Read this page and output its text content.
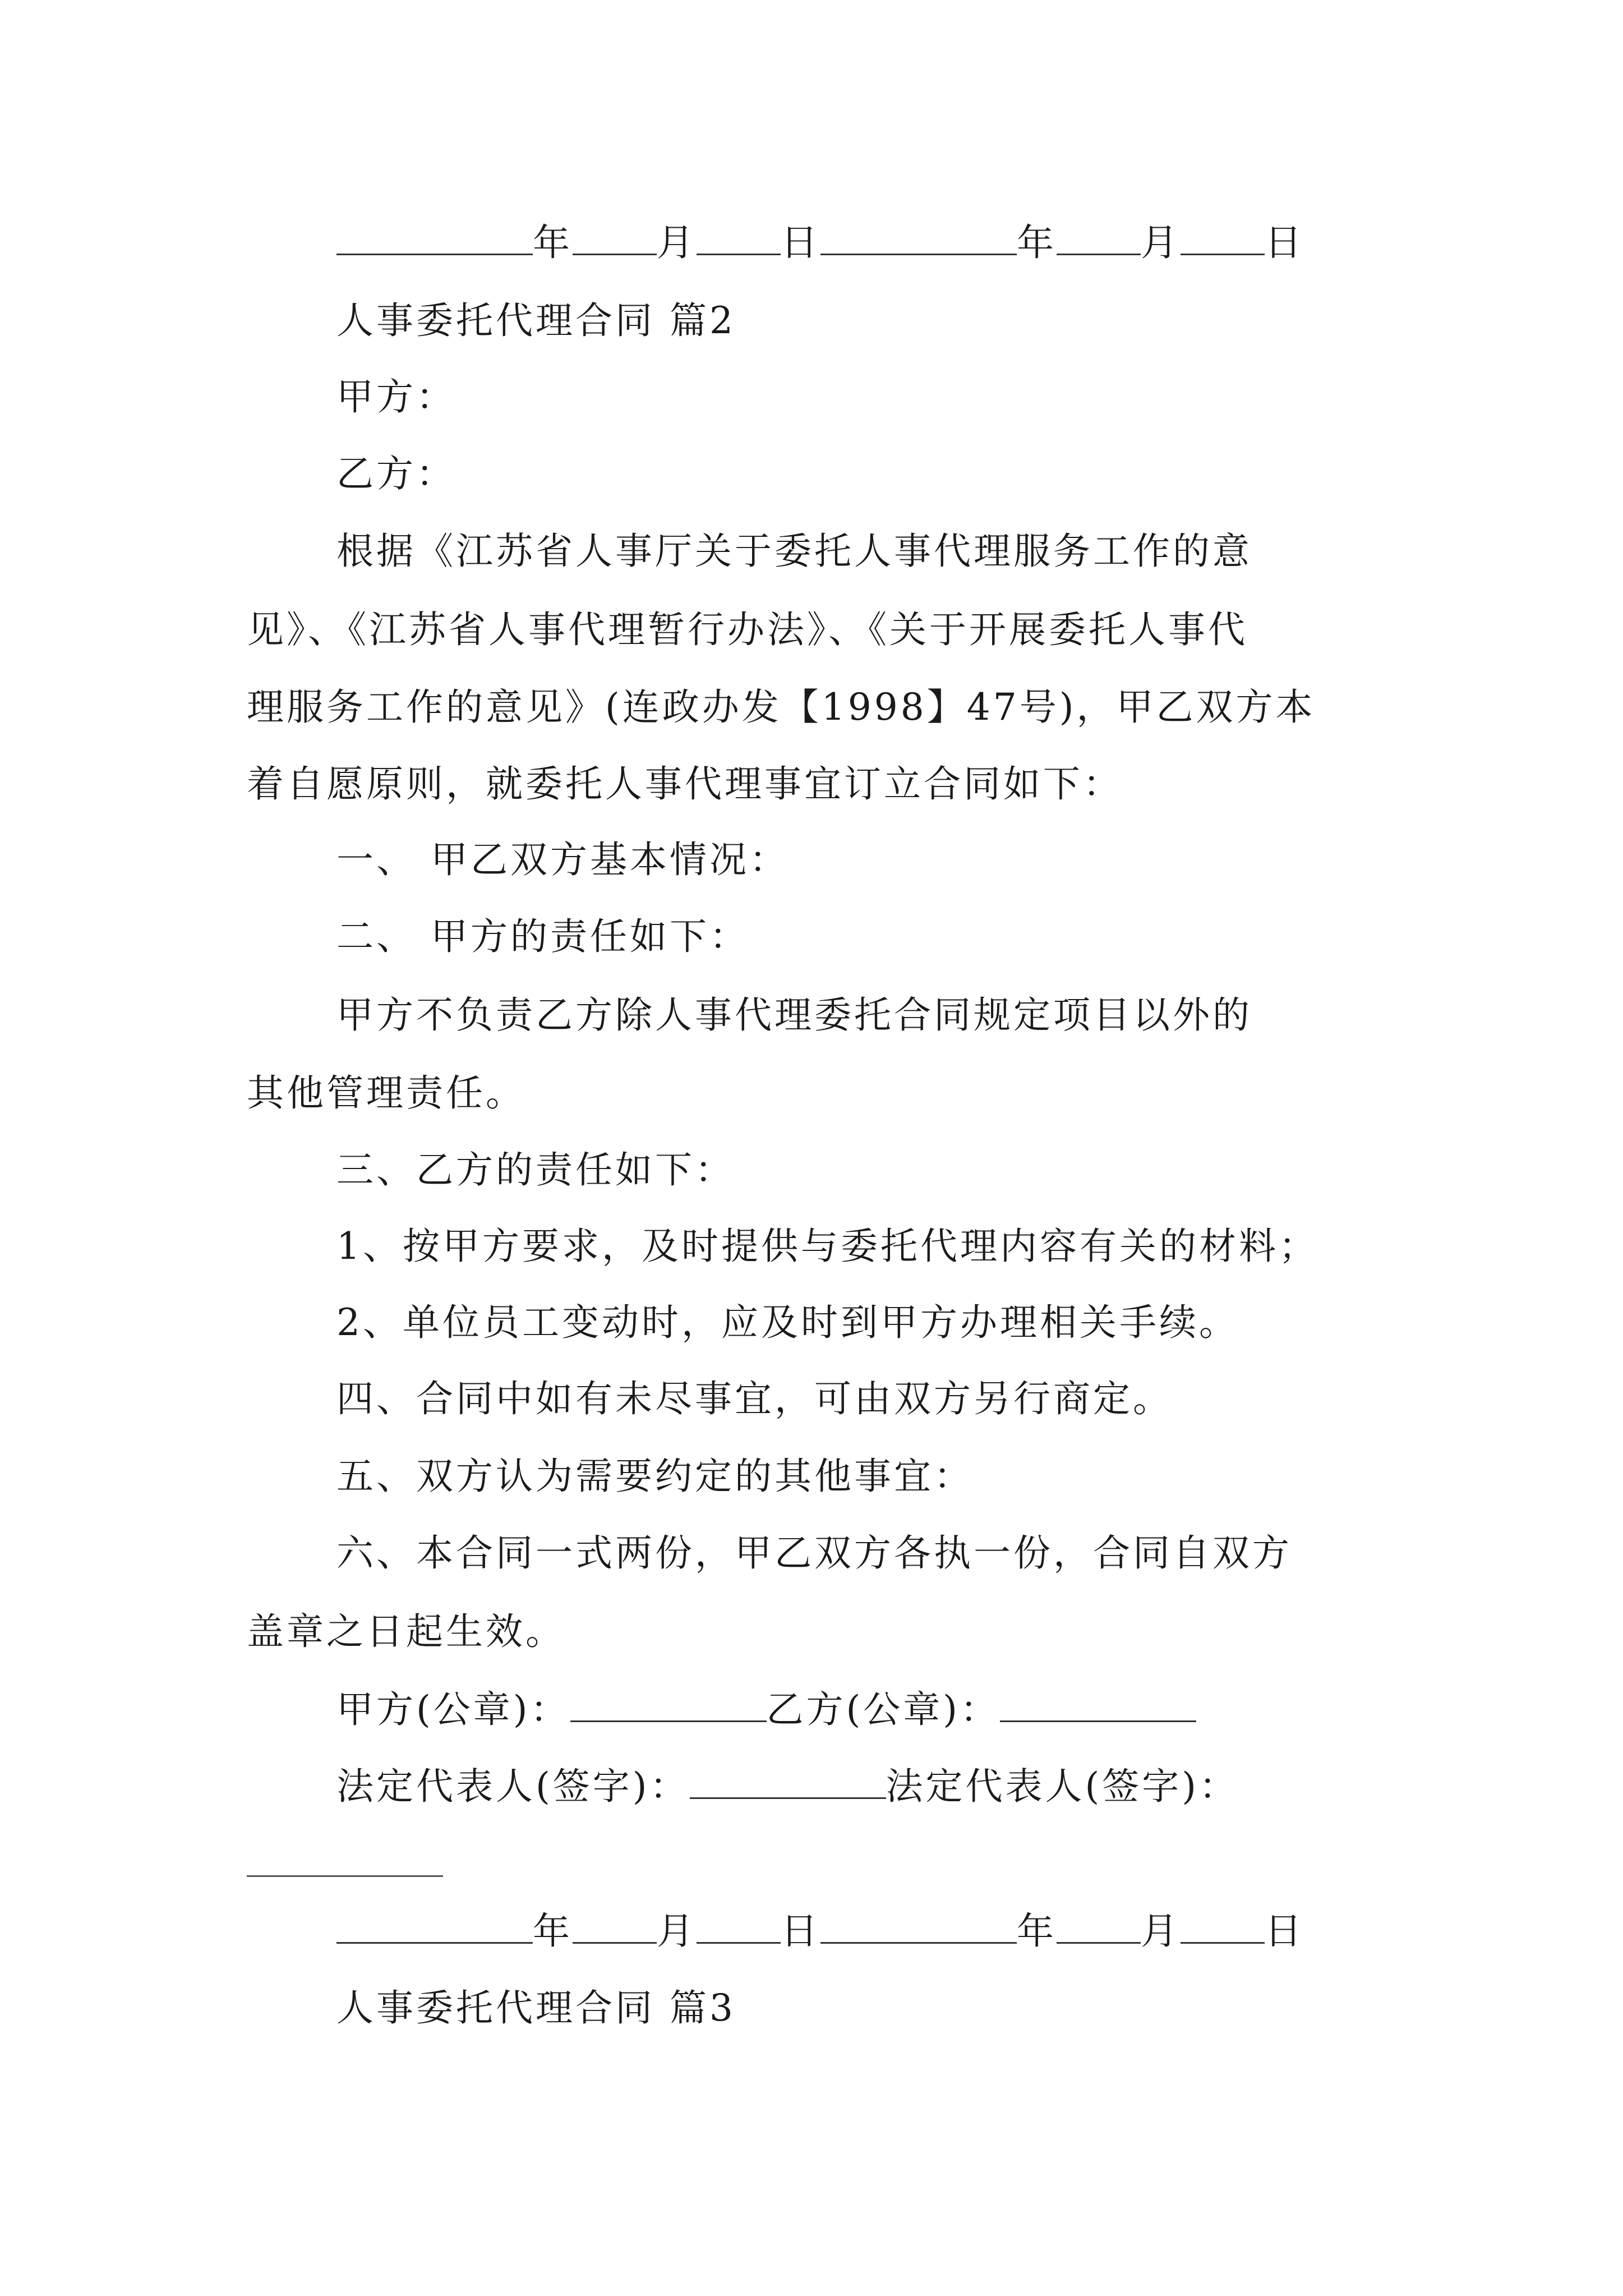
年 月 日	年 月 日
人事委托代理合同 篇2
甲方：
乙方：
根据《江苏省人事厅关于委托人事代理服务工作的意
见》、《江苏省人事代理暂行办法》、《关于开展委托人事代
理服务工作的意见》(连政办发【1998】47号)，甲乙双方本
着自愿原则，就委托人事代理事宜订立合同如下：
一、 甲乙双方基本情况：
二、 甲方的责任如下：
甲方不负责乙方除人事代理委托合同规定项目以外的
其他管理责任。
三、乙方的责任如下：
1、按甲方要求，及时提供与委托代理内容有关的材料；
2、单位员工变动时，应及时到甲方办理相关手续。
四、合同中如有未尽事宜，可由双方另行商定。
五、双方认为需要约定的其他事宜：
六、本合同一式两份，甲乙双方各执一份，合同自双方
盖章之日起生效。
甲方(公章)：	乙方(公章)：
法定代表人(签字)：	法定代表人(签字)：
年 月 日	年 月 日
人事委托代理合同 篇3
